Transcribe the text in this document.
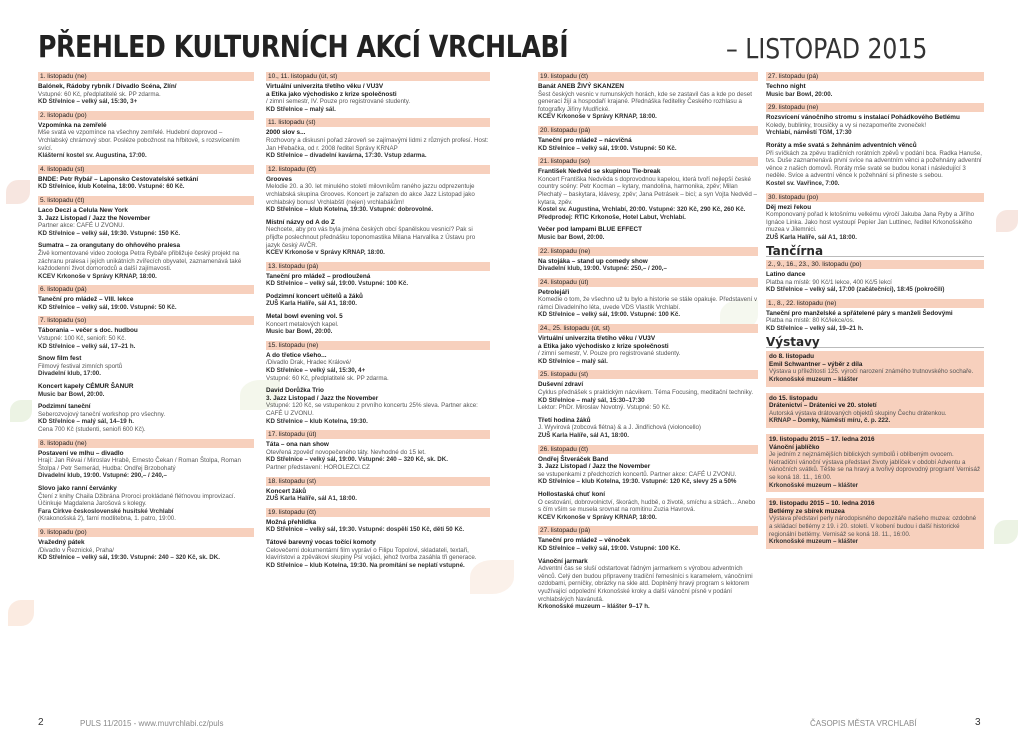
PŘEHLED KULTURNÍCH AKCÍ VRCHLABÍ	– LISTOPAD 2015
1. listopadu (ne)
Balónek, Rádoby rybník / Divadlo Scéna, Zlín/
Vstupné: 60 Kč, předplatitelé sk. PP zdarma.
KD Střelnice – velký sál, 15:30, 3+
2. listopadu (po)
Vzpomínka na zemřelé
Mše svatá ve vzpomínce na všechny zemřelé. Hudební doprovod – Vrchlabský chrámový sbor. Posléze pobožnost na hřbitově, s rozsvícením svící.
Klášterní kostel sv. Augustina, 17:00.
4. listopadu (st)
BNDE: Petr Rybář – Laponsko Cestovatelské setkání
KD Střelnice, klub Kotelna, 18:00. Vstupné: 60 Kč.
5. listopadu (čt)
Laco Deczi a Celula New York
3. Jazz Listopad / Jazz the November
Partner akce: CAFÉ U ZVONU.
KD Střelnice – velký sál, 19:30. Vstupné: 150 Kč.
Sumatra – za orangutany do ohňového pralesa
Živě komentované video zoologa Petra Rybáře přibližuje český projekt na záchranu pralesa i jejích unikátních zvířecích obyvatel, zaznamenává také každodenní život domorodců a další zajímavosti.
KCEV Krkonoše v Správy KRNAP, 18:00.
6. listopadu (pá)
Taneční pro mládež – VIII. lekce
KD Střelnice – velký sál, 19:00. Vstupné: 50 Kč.
7. listopadu (so)
Táborania – večer s doc. hudbou
Vstupné: 100 Kč, senioři: 50 Kč.
KD Střelnice – velký sál, 17–21 h.
Snow film fest
Filmový festival zimních sportů
Divadelní klub, 17:00.
Koncert kapely CÉMUR ŠANUR
Music bar Bowl, 20:00.
Podzimní taneční
Seberozvojový taneční workshop pro všechny.
KD Střelnice – malý sál, 14–19 h.
Cena 700 Kč (studenti, senioři 600 Kč).
8. listopadu (ne)
Postavení ve mlhu – divadlo
Hrají: Jan Révai / Miroslav Hrabě, Ernesto Čekan / Roman Štolpa, Roman Štolpa / Petr Semerád, Hudba: Ondřej Brzobohatý
Divadelní klub, 19:00. Vstupné: 290,– / 240,–
Slovo jako ranní červánky
Čtení z knihy Chaila Džibrána Proroci prokládané fléťnovou improvizací. Účinkuje Magdalena Jarošová s kolegy.
Fara Církve československé husitské Vrchlabí
(Krakonošská 2), farní modlitebna, 1. patro, 19:00.
9. listopadu (po)
Vražedný pátek
/Divadlo v Řeznické, Praha/
KD Střelnice – velký sál, 19:30. Vstupné: 240 – 320 Kč, sk. DK.
10., 11. listopadu (út, st)
Virtuální univerzita třetího věku / VU3V
a Etika jako východisko z krize společnosti
/ zimní semestr, IV. Pouze pro registrované studenty.
KD Střelnice – malý sál.
11. listopadu (st)
2000 slov s...
Rozhovory a diskusní pořad zároveň se zajímavými lidmi z různých profesí. Host: Jan Hřebačka, od r. 2008 ředitel Správy KRNAP
KD Střelnice – divadelní kavárna, 17:30. Vstup zdarma.
12. listopadu (čt)
Grooves
Melodie 20. a 30. let minulého století milovníkům raného jazzu odprezentuje vrchlabská skupina Grooves. Koncert je zařazen do akce Jazz Listopad jako vrchlabský bonus! Vrchlabští (nejen) vrchlabákům!
KD Střelnice – klub Kotelna, 19:30. Vstupné: dobrovolné.
Místní názvy od A do Z
Nechcete, aby pro vás byla jména českých obcí španělskou vesnicí? Pak si přijďte poslechnout přednášku toponomastika Milana Harvalíka z Ústavu pro jazyk český AVČR.
KCEV Krkonoše v Správy KRNAP, 18:00.
13. listopadu (pá)
Taneční pro mládež – prodloužená
KD Střelnice – velký sál, 19:00. Vstupné: 100 Kč.
Podzimní koncert učitelů a žáků
ZUŠ Karla Halíře, sál A1, 18:00.
Metal bowl evening vol. 5
Koncert metalových kapel.
Music bar Bowl, 20:00.
15. listopadu (ne)
A do třetice všeho...
/Divadlo Drak, Hradec Králové/
KD Střelnice – velký sál, 15:30, 4+
Vstupné: 60 Kč, předplatitelé sk. PP zdarma.
David Dorůžka Trio
3. Jazz Listopad / Jazz the November
Vstupné: 120 Kč, se vstupenkou z prvního koncertu 25% sleva. Partner akce: CAFÉ U ZVONU.
KD Střelnice – klub Kotelna, 19:30.
17. listopadu (út)
Táta – ona nan show
Otevřená zpověď novopečeného táty. Nevhodné do 15 let.
KD Střelnice – velký sál, 19:00. Vstupné: 240 – 320 Kč, sk. DK.
Partner představení: HOROLEZCI.CZ
18. listopadu (st)
Koncert žáků
ZUŠ Karla Halíře, sál A1, 18:00.
19. listopadu (čt)
Možná přehlídka
KD Střelnice – velký sál, 19:30. Vstupné: dospělí 150 Kč, děti 50 Kč.
Tátové barevný vocas točící komoty
Celovečerní dokumentární film vypráví o Filipu Topolovi, skladateli, textaři, klavíristovi a zpěvákovi skupiny Psí vojáci, jehož tvorba zasáhla tři generace.
KD Střelnice – klub Kotelna, 19:30. Na promítání se neplatí vstupné.
19. listopadu (čt)
Banát ANEB ŽIVÝ SKANZEN
Šest českých vesnic v rumunských horách, kde se zastavil čas a kde po deset generací žijí a hospodaří krajané. Přednáška ředitelky Českého rozhlasu a fotografky Jiřiny Mudřické.
KCEV Krkonoše v Správy KRNAP, 18:00.
20. listopadu (pá)
Taneční pro mládež – nácvičná
KD Střelnice – velký sál, 19:00. Vstupné: 50 Kč.
21. listopadu (so)
František Nedvěd se skupinou Tie-break
Koncert Františka Nedvěda s doprovodnou kapelou, která tvoří nejlepší české country scény: Petr Kocman – kytary, mandolína, harmonika, zpěv; Milan Plechatý – baskytara, klávesy, zpěv; Jana Petrásek – bicí; a syn Vojta Nedvěd – kytara, zpěv.
Kostel sv. Augustina, Vrchlabí, 20:00. Vstupné: 320 Kč, 290 Kč, 260 Kč. Předprodej: RTIC Krkonoše, Hotel Labut, Vrchlabí.
Večer pod lampami BLUE EFFECT
Music bar Bowl, 20:00.
22. listopadu (ne)
Na stojáka – stand up comedy show
Divadelní klub, 19:00. Vstupné: 250,– / 200,–
24. listopadu (út)
Petrolejáři
Komedie o tom, že všechno už tu bylo a historie se stále opakuje. Představení v rámci Divadelního léta, uvede VDS Vlastík Vrchlabí.
KD Střelnice – velký sál, 19:00. Vstupné: 100 Kč.
24., 25. listopadu (út, st)
Virtuální univerzita třetího věku / VU3V
a Etika jako východisko z krize společnosti
/ zimní semestr, V. Pouze pro registrované studenty.
KD Střelnice – malý sál.
25. listopadu (st)
Duševní zdraví
Cyklus přednášek s praktickým nácvikem. Téma Focusing, meditační techniky.
KD Střelnice – malý sál, 15:30–17:30
Lektor: PhDr. Miroslav Novotný. Vstupné: 50 Kč.
Třetí hodina žáků
J. Wyvirová (zobcová flétna) & a J. Jindřichová (violoncello)
ZUŠ Karla Halíře, sál A1, 18:00.
26. listopadu (čt)
Ondřej Štveráček Band
3. Jazz Listopad / Jazz the November
se vstupenkami z předchozích koncertů. Partner akce: CAFÉ U ZVONU.
KD Střelnice – klub Kotelna, 19:30. Vstupné: 120 Kč, slevy 25 a 50%
Hollostaská chuť koní
O cestování, dobrovolnictví, škorách, hudbě, o životě, smíchu a slzách... Anebo s čím vším se musela srovnat na romitinu Zuzia Havrová.
KCEV Krkonoše v Správy KRNAP, 18:00.
27. listopadu (pá)
Taneční pro mládež – věnoček
KD Střelnice – velký sál, 19:00. Vstupné: 100 Kč.
Vánoční jarmark
Adventní čas se sluší odstartovat řádným jarmarkem s výrobou adventních věnců. Celý den budou připraveny tradiční řemeslníci s karamelem, vánočními ozdobami, perníčky, obrázky na skle atd. Doplněný hravý program s lektorem využívající odpolední Krkonošské kroky a další vánoční písně v podání vrchlabských Navánutá.
Krkonošské muzeum – klášter 9–17 h.
27. listopadu (pá)
Techno night
Music bar Bowl, 20:00.
29. listopadu (ne)
Rozsvícení vánočního stromu s instalací Pohádkového Betlému
Koledy, bublinky, trousičky a vy si nezapomeňte zvoneček!
Vrchlabí, náměstí TGM, 17:30
Roráty a mše svatá s žehnáním adventních věnců
Při svíčkách za zpěvu tradičních rorátních zpěvů v podání bca. Radka Hanuše, tvs. Duše zaznamenává první svíce na adventním věnci a požehnány adventní věnce z našich domovů. Roráty mše svaté se budou konat i následující 3 neděle. Svíce a adventní věnce k požehnání si přineste s sebou.
Kostel sv. Vavřince, 7:00.
30. listopadu (po)
Děj mezi řekou
Komponovaný pořad k letošnímu velkému výročí Jakuba Jana Ryby a Jiřího Ignáce Linka. Jako host vystoupí Pepíer Jan Luttinec, ředitel Krkonošského muzea v Jilemnici.
ZUŠ Karla Halíře, sál A1, 18:00.
Tančírna
2., 9., 16., 23., 30. listopadu (po)
Latino dance
Platba na místě: 90 Kč/1 lekce, 400 Kč/5 lekcí
KD Střelnice – velký sál, 17:00 (začátečníci), 18:45 (pokročilí)
1., 8., 22. listopadu (ne)
Taneční pro manželské a spřátelené páry s manželi Šedovými
Platba na místě: 80 Kč/lekce/os.
KD Střelnice – velký sál, 19–21 h.
Výstavy
do 8. listopadu
Emil Schwantner – výběr z díla
Výstava u příležitosti 125. výročí narození známého trutnovského sochaře.
Krkonošské muzeum – klášter
do 15. listopadu
Drátenictví – Dráteníci ve 20. století
Autorská výstava drátovaných objektů skupiny Čechu drátenkou.
KRNAP – Domky, Náměstí míru, č. p. 222.
19. listopadu 2015 – 17. ledna 2016
Vánoční jablíčko
Je jedním z nejznámějších biblických symbolů i oblíbeným ovocem. Netradiční vánoční výstava představí životy jablíček v období Adventu a vánočních svátků. Těšte se na hravý a tvořivý doprovodný program! Vernisáž se koná 18. 11., 16:00.
Krkonošské muzeum – klášter
19. listopadu 2015 – 10. ledna 2016
Betlémy ze sbírek muzea
Výstava představí perly národopisného depozitáře našeho muzea: ozdobné a skládací betlémy z 19. i 20. století. V kobení budou i další historické regionální betlémy. Vernisáž se koná 18. 11., 16:00.
Krkonošské muzeum – klášter
2	PULS 11/2015 - www.muvrchlabi.cz/puls	ČASOPIS MĚSTA VRCHLABÍ	3
